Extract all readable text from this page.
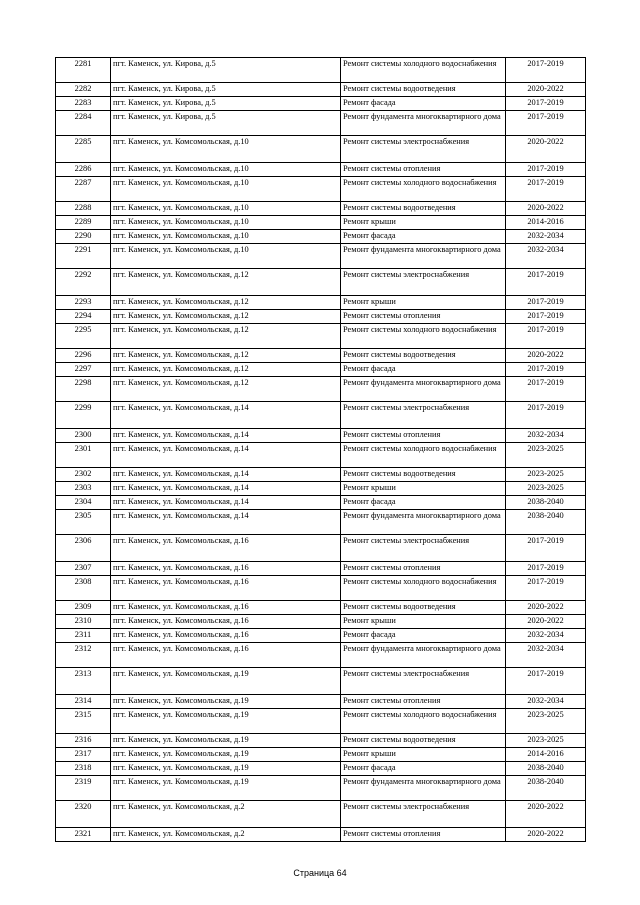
2281	пгт. Каменск, ул. Кирова, д.5	Ремонт системы холодного водоснабжения	2017-2019
2282	пгт. Каменск, ул. Кирова, д.5	Ремонт системы водоотведения	2020-2022
2283	пгт. Каменск, ул. Кирова, д.5	Ремонт фасада	2017-2019
2284	пгт. Каменск, ул. Кирова, д.5	Ремонт фундамента многоквартирного дома	2017-2019
2285	пгт. Каменск, ул. Комсомольская, д.10	Ремонт системы электроснабжения	2020-2022
2286	пгт. Каменск, ул. Комсомольская, д.10	Ремонт системы отопления	2017-2019
2287	пгт. Каменск, ул. Комсомольская, д.10	Ремонт системы холодного водоснабжения	2017-2019
2288	пгт. Каменск, ул. Комсомольская, д.10	Ремонт системы водоотведения	2020-2022
2289	пгт. Каменск, ул. Комсомольская, д.10	Ремонт крыши	2014-2016
2290	пгт. Каменск, ул. Комсомольская, д.10	Ремонт фасада	2032-2034
2291	пгт. Каменск, ул. Комсомольская, д.10	Ремонт фундамента многоквартирного дома	2032-2034
2292	пгт. Каменск, ул. Комсомольская, д.12	Ремонт системы электроснабжения	2017-2019
2293	пгт. Каменск, ул. Комсомольская, д.12	Ремонт крыши	2017-2019
2294	пгт. Каменск, ул. Комсомольская, д.12	Ремонт системы отопления	2017-2019
2295	пгт. Каменск, ул. Комсомольская, д.12	Ремонт системы холодного водоснабжения	2017-2019
2296	пгт. Каменск, ул. Комсомольская, д.12	Ремонт системы водоотведения	2020-2022
2297	пгт. Каменск, ул. Комсомольская, д.12	Ремонт фасада	2017-2019
2298	пгт. Каменск, ул. Комсомольская, д.12	Ремонт фундамента многоквартирного дома	2017-2019
2299	пгт. Каменск, ул. Комсомольская, д.14	Ремонт системы электроснабжения	2017-2019
2300	пгт. Каменск, ул. Комсомольская, д.14	Ремонт системы отопления	2032-2034
2301	пгт. Каменск, ул. Комсомольская, д.14	Ремонт системы холодного водоснабжения	2023-2025
2302	пгт. Каменск, ул. Комсомольская, д.14	Ремонт системы водоотведения	2023-2025
2303	пгт. Каменск, ул. Комсомольская, д.14	Ремонт крыши	2023-2025
2304	пгт. Каменск, ул. Комсомольская, д.14	Ремонт фасада	2038-2040
2305	пгт. Каменск, ул. Комсомольская, д.14	Ремонт фундамента многоквартирного дома	2038-2040
2306	пгт. Каменск, ул. Комсомольская, д.16	Ремонт системы электроснабжения	2017-2019
2307	пгт. Каменск, ул. Комсомольская, д.16	Ремонт системы отопления	2017-2019
2308	пгт. Каменск, ул. Комсомольская, д.16	Ремонт системы холодного водоснабжения	2017-2019
2309	пгт. Каменск, ул. Комсомольская, д.16	Ремонт системы водоотведения	2020-2022
2310	пгт. Каменск, ул. Комсомольская, д.16	Ремонт крыши	2020-2022
2311	пгт. Каменск, ул. Комсомольская, д.16	Ремонт фасада	2032-2034
2312	пгт. Каменск, ул. Комсомольская, д.16	Ремонт фундамента многоквартирного дома	2032-2034
2313	пгт. Каменск, ул. Комсомольская, д.19	Ремонт системы электроснабжения	2017-2019
2314	пгт. Каменск, ул. Комсомольская, д.19	Ремонт системы отопления	2032-2034
2315	пгт. Каменск, ул. Комсомольская, д.19	Ремонт системы холодного водоснабжения	2023-2025
2316	пгт. Каменск, ул. Комсомольская, д.19	Ремонт системы водоотведения	2023-2025
2317	пгт. Каменск, ул. Комсомольская, д.19	Ремонт крыши	2014-2016
2318	пгт. Каменск, ул. Комсомольская, д.19	Ремонт фасада	2038-2040
2319	пгт. Каменск, ул. Комсомольская, д.19	Ремонт фундамента многоквартирного дома	2038-2040
2320	пгт. Каменск, ул. Комсомольская, д.2	Ремонт системы электроснабжения	2020-2022
2321	пгт. Каменск, ул. Комсомольская, д.2	Ремонт системы отопления	2020-2022
Страница 64
